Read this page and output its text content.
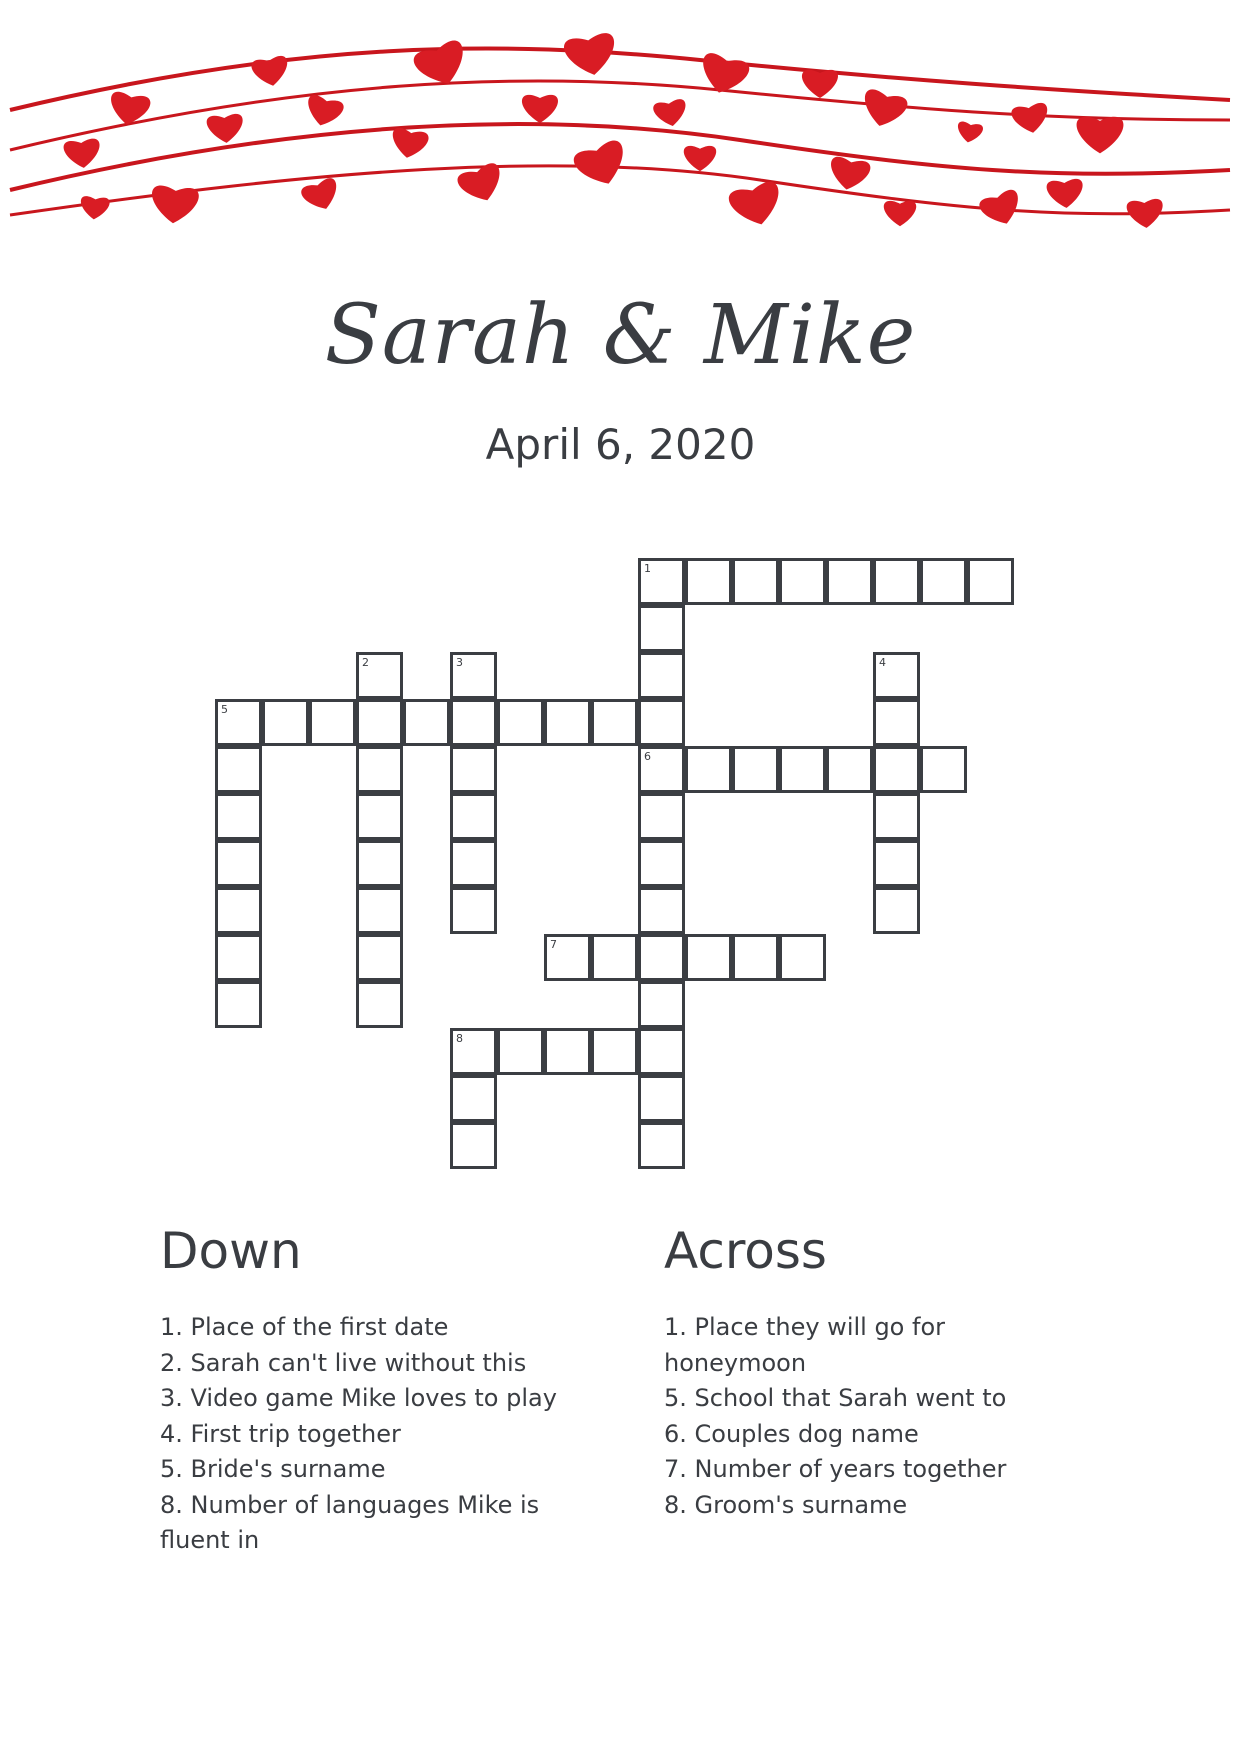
Sarah & Mike
April 6, 2020
1
6
2	3	4
5
7
8
Down
1. Place of the first date
2. Sarah can't live without this
3. Video game Mike loves to play
4. First trip together
5. Bride's surname
8. Number of languages Mike is fluent in
Across
1. Place they will go for honeymoon
5. School that Sarah went to
6. Couples dog name
7. Number of years together
8. Groom's surname
